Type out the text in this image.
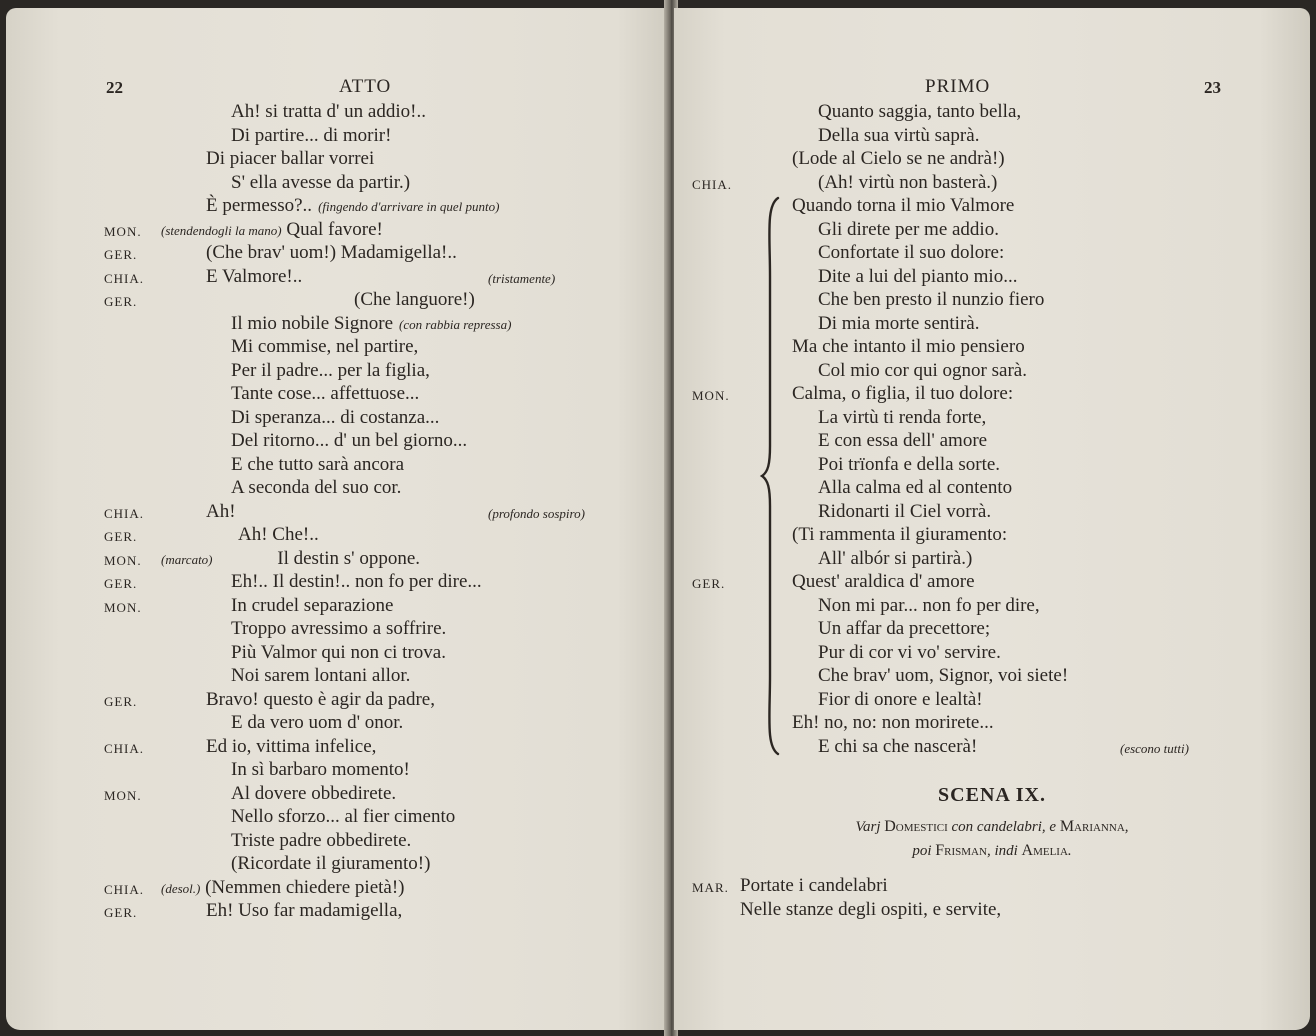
22	ATTO
Ah! si tratta d' un addio!..
Di partire... di morir!
Di piacer ballar vorrei
S' ella avesse da partir.)
È permesso?.. (fingendo d'arrivare in quel punto)
MON. (stendendogli la mano) Qual favore!
GER.	(Che brav' uom!) Madamigella!..
CHIA.	E Valmore!..	(tristamente)
GER.	(Che languore!)
Il mio nobile Signore (con rabbia repressa)
Mi commise, nel partire,
Per il padre... per la figlia,
Tante cose... affettuose...
Di speranza... di costanza...
Del ritorno... d' un bel giorno...
E che tutto sarà ancora
A seconda del suo cor.
CHIA.	Ah!	(profondo sospiro)
GER.	Ah! Che!..
MON. (marcato)	Il destin s' oppone.
GER.	Eh!.. Il destin!.. non fo per dire...
MON.	In crudel separazione
Troppo avressimo a soffrire.
Più Valmor qui non ci trova.
Noi sarem lontani allor.
GER.	Bravo! questo è agir da padre,
E da vero uom d' onor.
CHIA.	Ed io, vittima infelice,
In sì barbaro momento!
MON.	Al dovere obbedirete.
Nello sforzo... al fier cimento
Triste padre obbedirete.
(Ricordate il giuramento!)
CHIA. (desol.) (Nemmen chiedere pietà!)
GER.	Eh! Uso far madamigella,
PRIMO	23
Quanto saggia, tanto bella,
Della sua virtù saprà.
(Lode al Cielo se ne andrà!)
CHIA.	(Ah! virtù non basterà.)
Quando torna il mio Valmore
Gli direte per me addio.
Confortate il suo dolore:
Dite a lui del pianto mio...
Che ben presto il nunzio fiero
Di mia morte sentirà.
Ma che intanto il mio pensiero
Col mio cor qui ognor sarà.
MON.	Calma, o figlia, il tuo dolore:
La virtù ti renda forte,
E con essa dell' amore
Poi trïonfa e della sorte.
Alla calma ed al contento
Ridonarti il Ciel vorrà.
(Ti rammenta il giuramento:
All' albór si partirà.)
GER.	Quest' araldica d' amore
Non mi par... non fo per dire,
Un affar da precettore;
Pur di cor vi vo' servire.
Che brav' uom, Signor, voi siete!
Fior di onore e lealtà!
Eh! no, no: non morirete...
E chi sa che nascerà!	(escono tutti)
SCENA IX.
Varj Domestici con candelabri, e Marianna,
poi Frisman, indi Amelia.
MAR. Portate i candelabri
Nelle stanze degli ospiti, e servite,
